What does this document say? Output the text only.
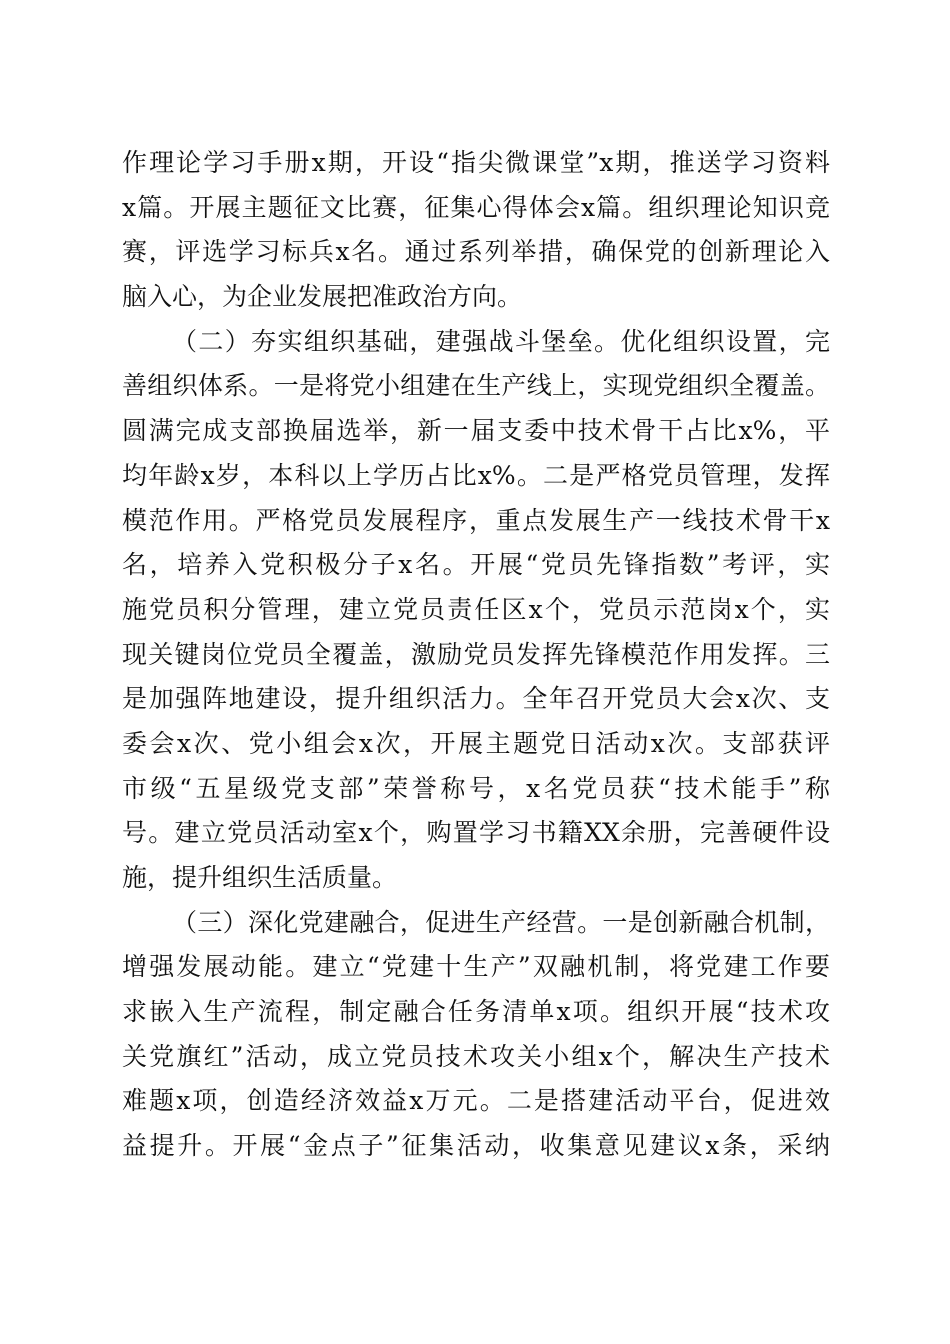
作理论学习手册x期，开设“指尖微课堂”x期，推送学习资料
x篇。开展主题征文比赛，征集心得体会x篇。组织理论知识竞
赛，评选学习标兵x名。通过系列举措，确保党的创新理论入
脑入心，为企业发展把准政治方向。
（二）夯实组织基础，建强战斗堡垒。优化组织设置，完
善组织体系。一是将党小组建在生产线上，实现党组织全覆盖。
圆满完成支部换届选举，新一届支委中技术骨干占比x%，平
均年龄x岁，本科以上学历占比x%。二是严格党员管理，发挥
模范作用。严格党员发展程序，重点发展生产一线技术骨干x
名，培养入党积极分子x名。开展“党员先锋指数”考评，实
施党员积分管理，建立党员责任区x个，党员示范岗x个，实
现关键岗位党员全覆盖，激励党员发挥先锋模范作用发挥。三
是加强阵地建设，提升组织活力。全年召开党员大会x次、支
委会x次、党小组会x次，开展主题党日活动x次。支部获评
市级“五星级党支部”荣誉称号，x名党员获“技术能手”称
号。建立党员活动室x个，购置学习书籍XX余册，完善硬件设
施，提升组织生活质量。
（三）深化党建融合，促进生产经营。一是创新融合机制，
增强发展动能。建立“党建十生产”双融机制，将党建工作要
求嵌入生产流程，制定融合任务清单x项。组织开展“技术攻
关党旗红”活动，成立党员技术攻关小组x个，解决生产技术
难题x项，创造经济效益x万元。二是搭建活动平台，促进效
益提升。开展“金点子”征集活动，收集意见建议x条，采纳
